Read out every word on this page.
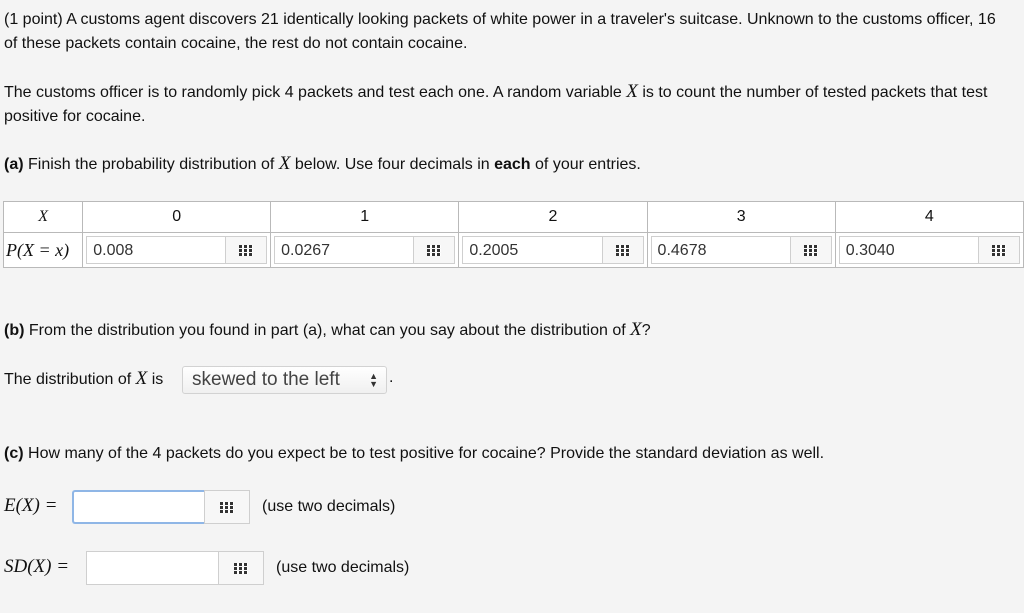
(1 point) A customs agent discovers 21 identically looking packets of white power in a traveler's suitcase. Unknown to the customs officer, 16 of these packets contain cocaine, the rest do not contain cocaine.
The customs officer is to randomly pick 4 packets and test each one. A random variable X is to count the number of tested packets that test positive for cocaine.
(a) Finish the probability distribution of X below. Use four decimals in each of your entries.
X	0	1	2	3	4
P(X = x)	0.008	0.0267	0.2005	0.4678	0.3040
(b) From the distribution you found in part (a), what can you say about the distribution of X?
The distribution of X is	skewed to the left	▲
▼ .
(c) How many of the 4 packets do you expect be to test positive for cocaine? Provide the standard deviation as well.
E(X) =	(use two decimals)
SD(X) =	(use two decimals)
